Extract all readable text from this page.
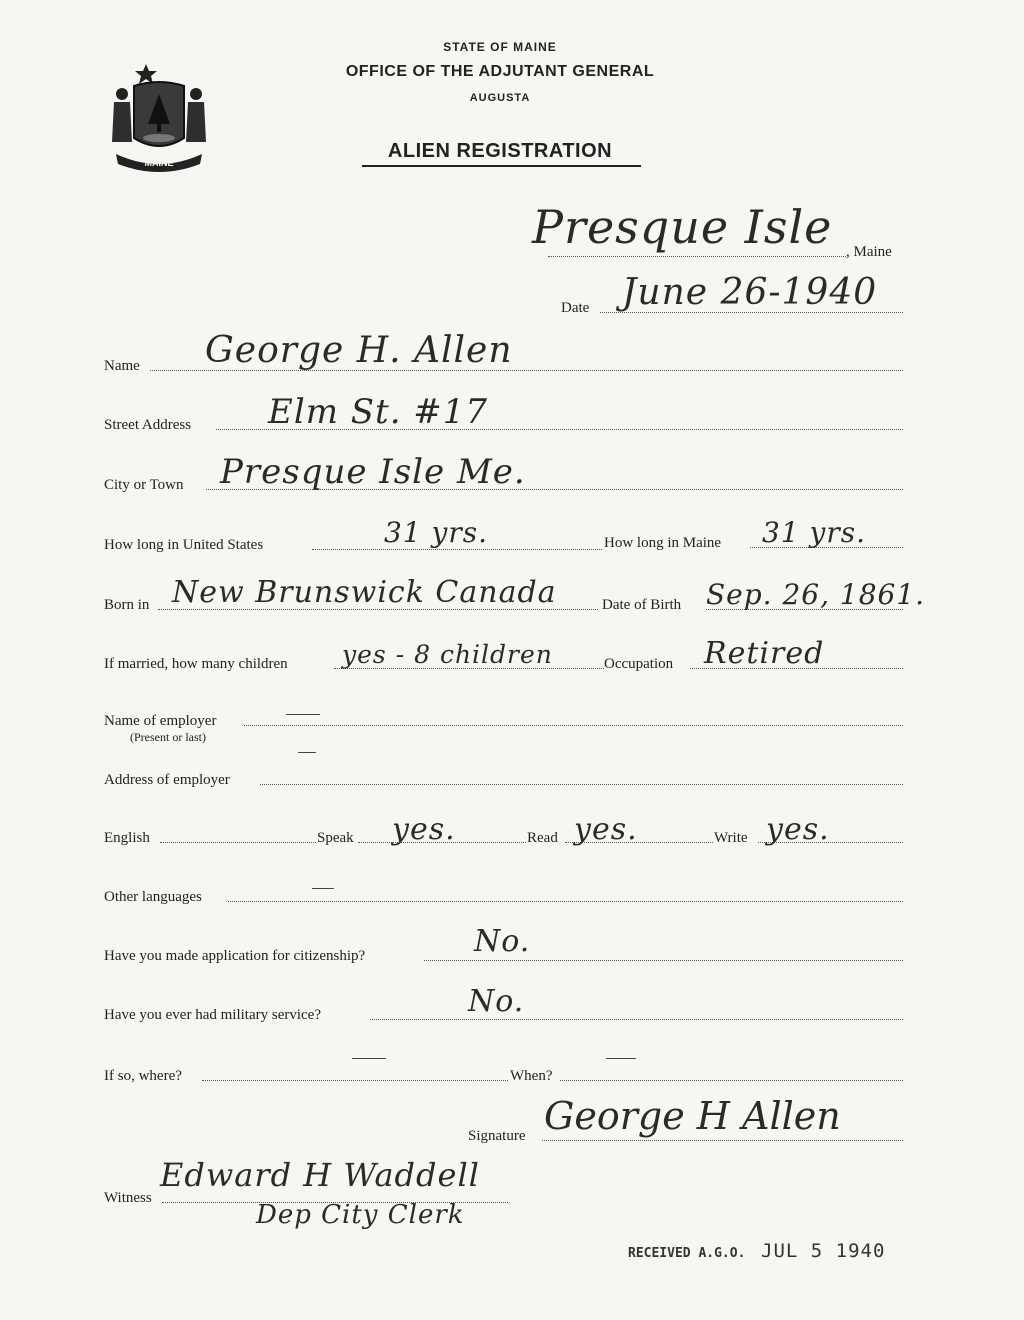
MAINE
STATE OF MAINE
OFFICE OF THE ADJUTANT GENERAL
AUGUSTA
ALIEN REGISTRATION
Presque Isle , Maine
Date June 26-1940
Name George H. Allen
Street Address Elm St. #17
City or Town Presque Isle Me.
How long in United States	31 yrs.	How long in Maine 31 yrs.
Born in New Brunswick Canada	Date of Birth Sep. 26, 1861.
If married, how many children yes - 8 children	Occupation Retired
Name of employer
(Present or last)
Address of employer
English	Speak yes.	Read yes.	Write yes.
Other languages
Have you made application for citizenship?	No.
Have you ever had military service?	No.
If so, where?	When?
Signature George H Allen
Witness
Edward H Waddell
Dep City Clerk
RECEIVED A.G.O. JUL 5 1940
